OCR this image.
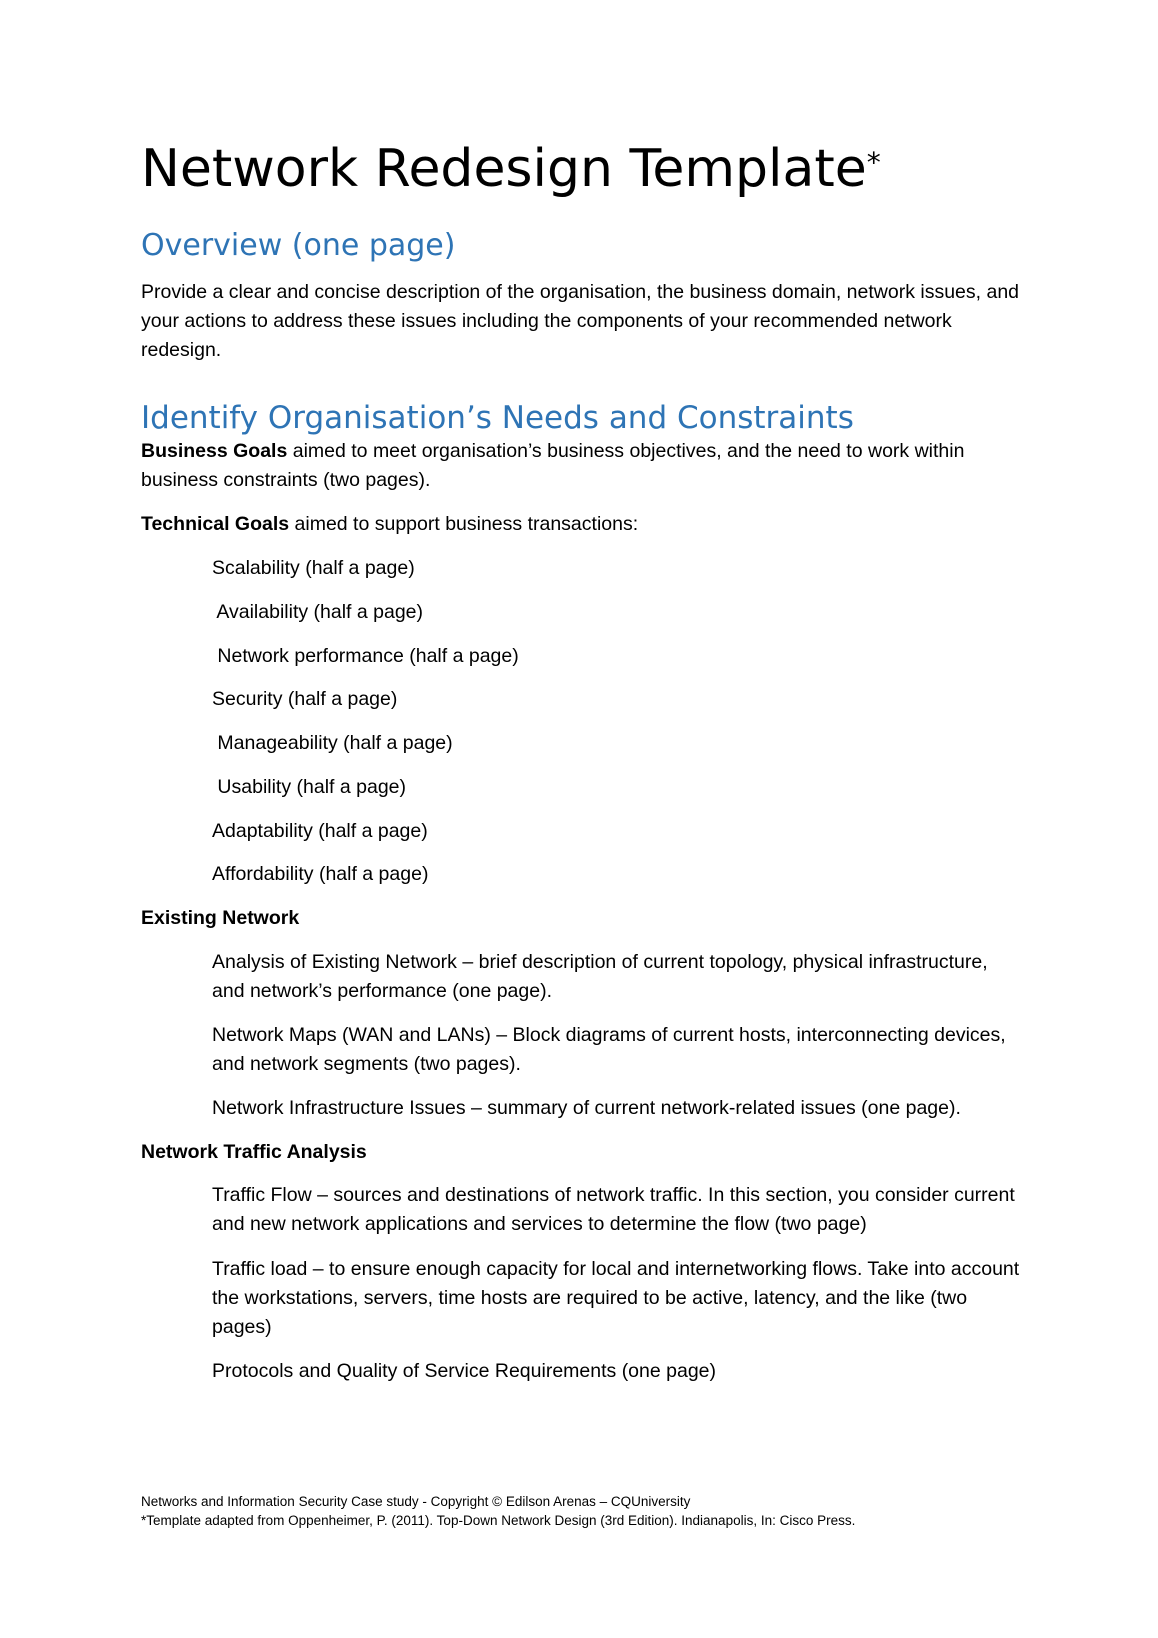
Network Redesign Template*
Overview (one page)

Provide a clear and concise description of the organisation, the business domain, network issues, and your actions to address these issues including the components of your recommended network redesign.

Identify Organisation’s Needs and Constraints

Business Goals aimed to meet organisation’s business objectives, and the need to work within business constraints (two pages).

Technical Goals aimed to support business transactions:

Scalability (half a page)

Availability (half a page)

Network performance (half a page)

Security (half a page)

Manageability (half a page)

Usability (half a page)

Adaptability (half a page)

Affordability (half a page)

Existing Network

Analysis of Existing Network – brief description of current topology, physical infrastructure, and network’s performance (one page).

Network Maps (WAN and LANs) – Block diagrams of current hosts, interconnecting devices, and network segments (two pages).

Network Infrastructure Issues – summary of current network-related issues (one page).

Network Traffic Analysis

Traffic Flow – sources and destinations of network traffic. In this section, you consider current and new network applications and services to determine the flow (two page)

Traffic load – to ensure enough capacity for local and internetworking flows. Take into account the workstations, servers, time hosts are required to be active, latency, and the like (two pages)

Protocols and Quality of Service Requirements (one page)

Networks and Information Security Case study - Copyright © Edilson Arenas – CQUniversity
*Template adapted from Oppenheimer, P. (2011). Top-Down Network Design (3rd Edition). Indianapolis, In: Cisco Press.
